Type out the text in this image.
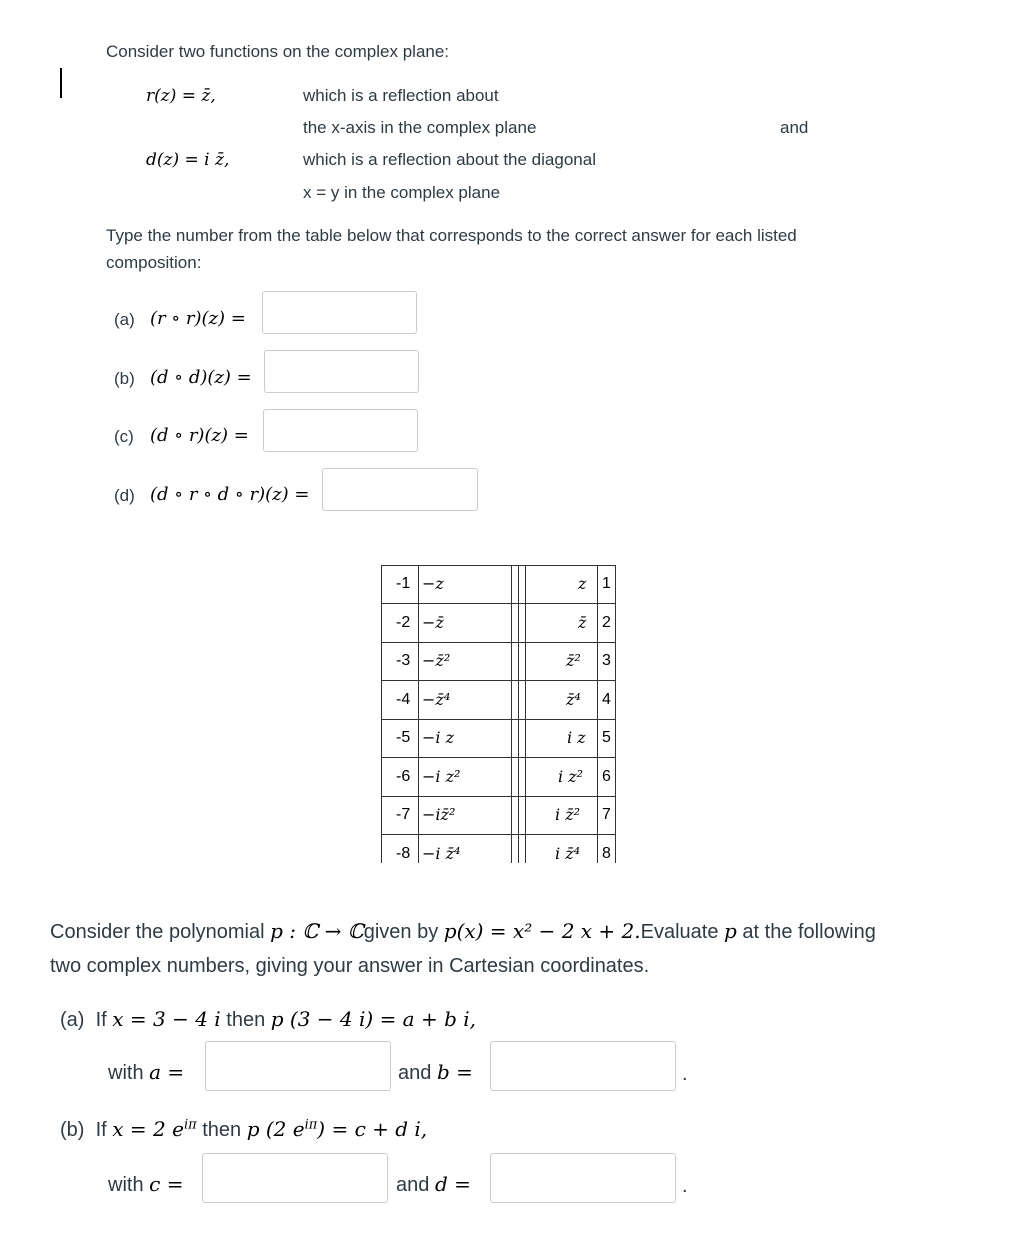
Consider two functions on the complex plane:
r(z) = z̄,	which is a reflection about
the x-axis in the complex plane	and
d(z) = i z̄,	which is a reflection about the diagonal
x = y in the complex plane
Type the number from the table below that corresponds to the correct answer for each listed
composition:
(a) (r ∘ r)(z) =
(b) (d ∘ d)(z) =
(c) (d ∘ r)(z) =
(d) (d ∘ r ∘ d ∘ r)(z) =
-1 −z	z 1
-2 −z̄	z̄ 2
-3 −z̄²	z̄² 3
-4 −z̄⁴	z̄⁴ 4
-5 −i z	i z 5
-6 −i z²	i z² 6
-7 −iz̄²	i z̄² 7
-8 −i z̄⁴	i z̄⁴ 8
Consider the polynomial p : ℂ → ℂgiven by p(x) = x² − 2 x + 2.Evaluate p at the following
two complex numbers, giving your answer in Cartesian coordinates.
(a) If x = 3 − 4 i then p (3 − 4 i) = a + b i,
with a =	and b =	.
(b) If x = 2 $e^{i\pi}$ then p (2 $e^{i\pi}) = c + d$ i,
with c =	and d =	.
